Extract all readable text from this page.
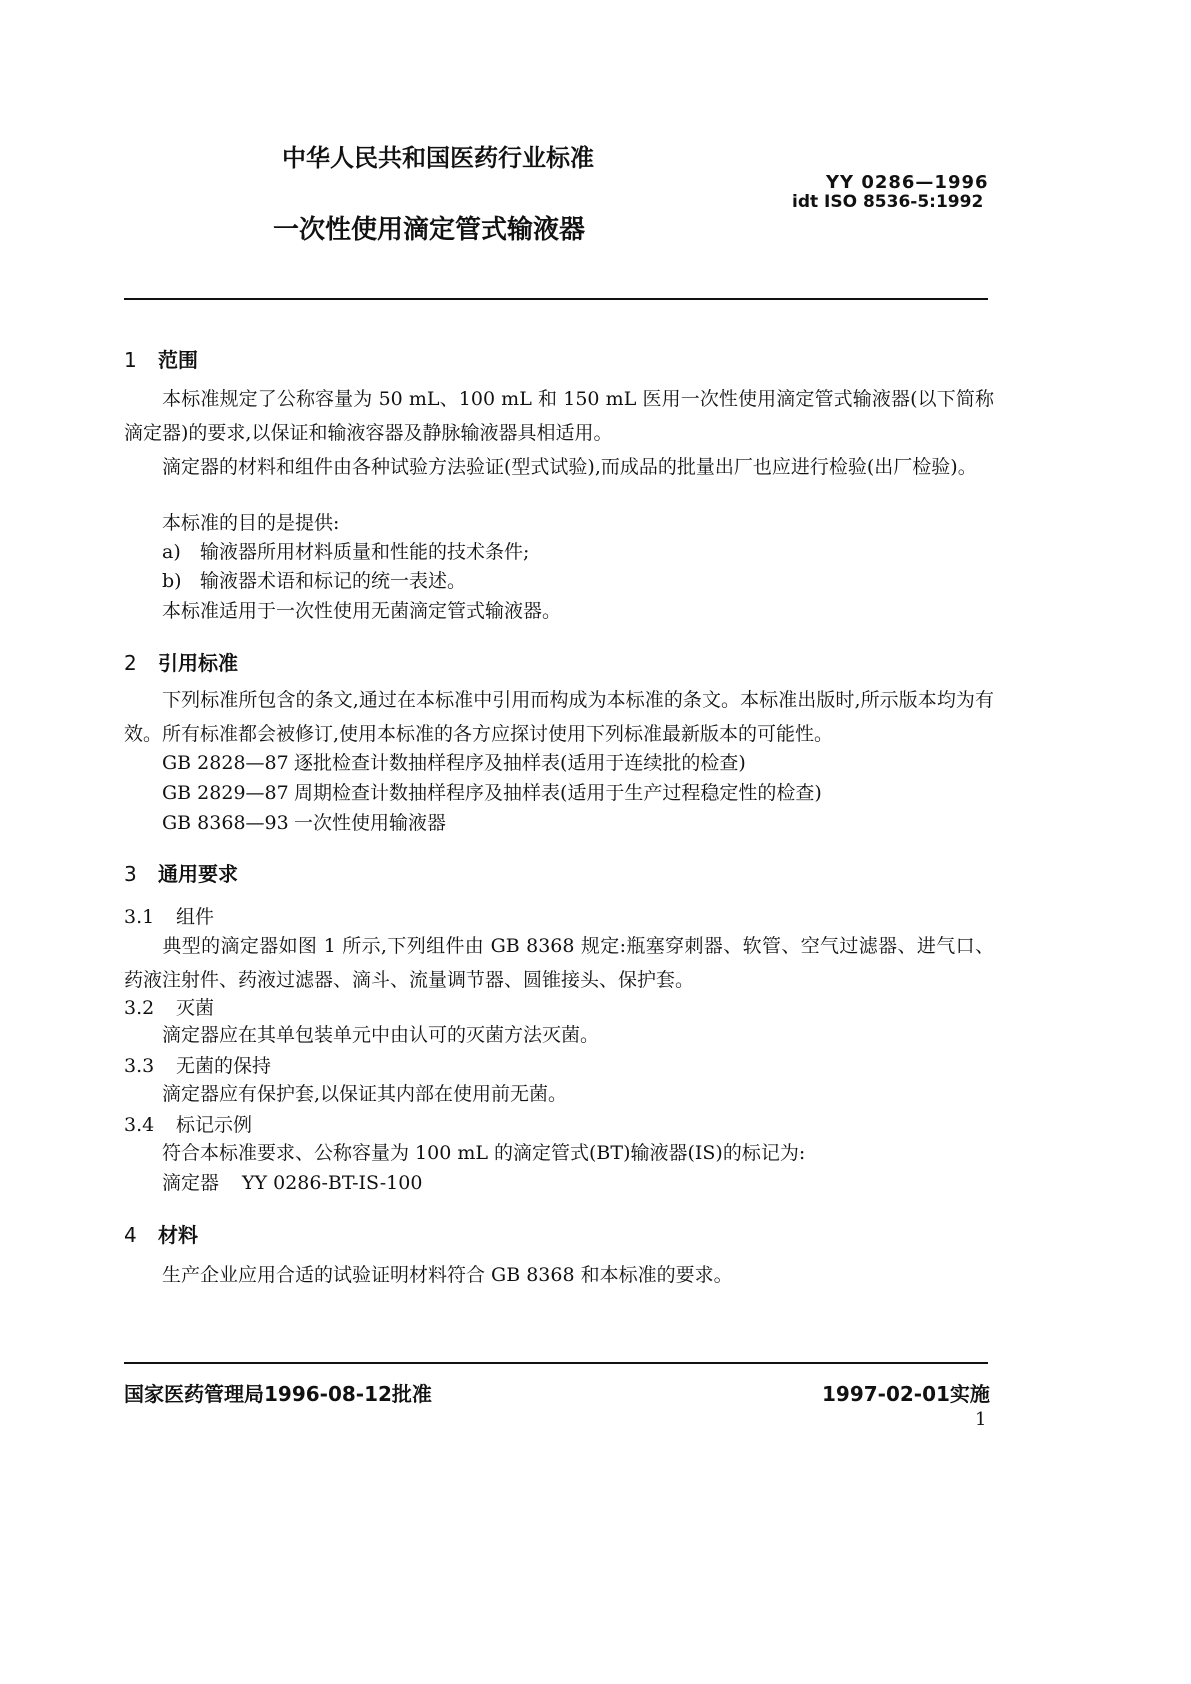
中华人民共和国医药行业标准
YY 0286—1996
idt ISO 8536-5:1992
一次性使用滴定管式输液器
1 范围
本标准规定了公称容量为 50 mL、100 mL 和 150 mL 医用一次性使用滴定管式输液器(以下简称滴定器)的要求,以保证和输液容器及静脉输液器具相适用。
滴定器的材料和组件由各种试验方法验证(型式试验),而成品的批量出厂也应进行检验(出厂检验)。
本标准的目的是提供:
a) 输液器所用材料质量和性能的技术条件;
b) 输液器术语和标记的统一表述。
本标准适用于一次性使用无菌滴定管式输液器。
2 引用标准
下列标准所包含的条文,通过在本标准中引用而构成为本标准的条文。本标准出版时,所示版本均为有效。所有标准都会被修订,使用本标准的各方应探讨使用下列标准最新版本的可能性。
GB 2828—87 逐批检查计数抽样程序及抽样表(适用于连续批的检查)
GB 2829—87 周期检查计数抽样程序及抽样表(适用于生产过程稳定性的检查)
GB 8368—93 一次性使用输液器
3 通用要求
3.1 组件
典型的滴定器如图 1 所示,下列组件由 GB 8368 规定:瓶塞穿刺器、软管、空气过滤器、进气口、药液注射件、药液过滤器、滴斗、流量调节器、圆锥接头、保护套。
3.2 灭菌
滴定器应在其单包装单元中由认可的灭菌方法灭菌。
3.3 无菌的保持
滴定器应有保护套,以保证其内部在使用前无菌。
3.4 标记示例
符合本标准要求、公称容量为 100 mL 的滴定管式(BT)输液器(IS)的标记为:
滴定器 YY 0286-BT-IS-100
4 材料
生产企业应用合适的试验证明材料符合 GB 8368 和本标准的要求。
国家医药管理局1996-08-12批准	1997-02-01实施
1
